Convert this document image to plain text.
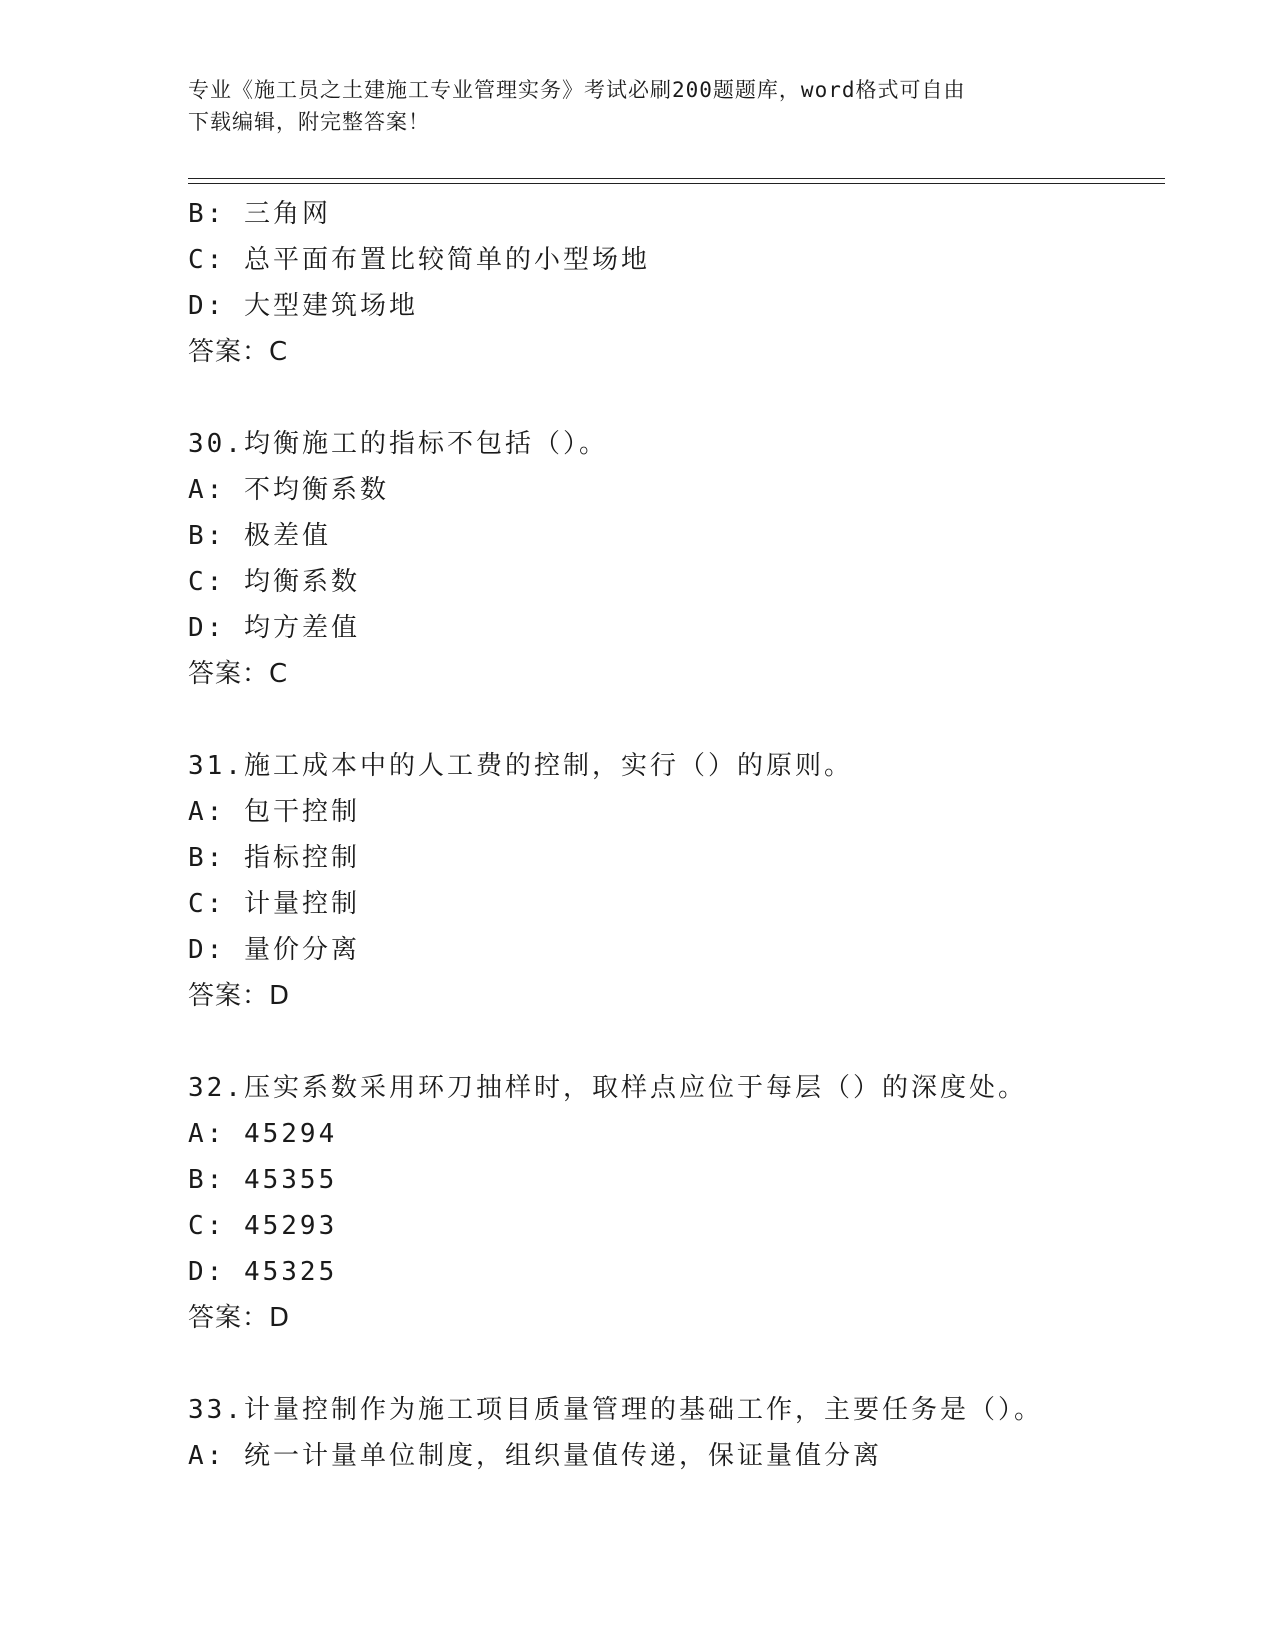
专业《施工员之土建施工专业管理实务》考试必刷200题题库，word格式可自由
下载编辑，附完整答案！
B: 三角网
C: 总平面布置比较简单的小型场地
D: 大型建筑场地
答案：C
30.均衡施工的指标不包括（）。
A: 不均衡系数
B: 极差值
C: 均衡系数
D: 均方差值
答案：C
31.施工成本中的人工费的控制，实行（）的原则。
A: 包干控制
B: 指标控制
C: 计量控制
D: 量价分离
答案：D
32.压实系数采用环刀抽样时，取样点应位于每层（）的深度处。
A: 45294
B: 45355
C: 45293
D: 45325
答案：D
33.计量控制作为施工项目质量管理的基础工作，主要任务是（）。
A: 统一计量单位制度，组织量值传递，保证量值分离
